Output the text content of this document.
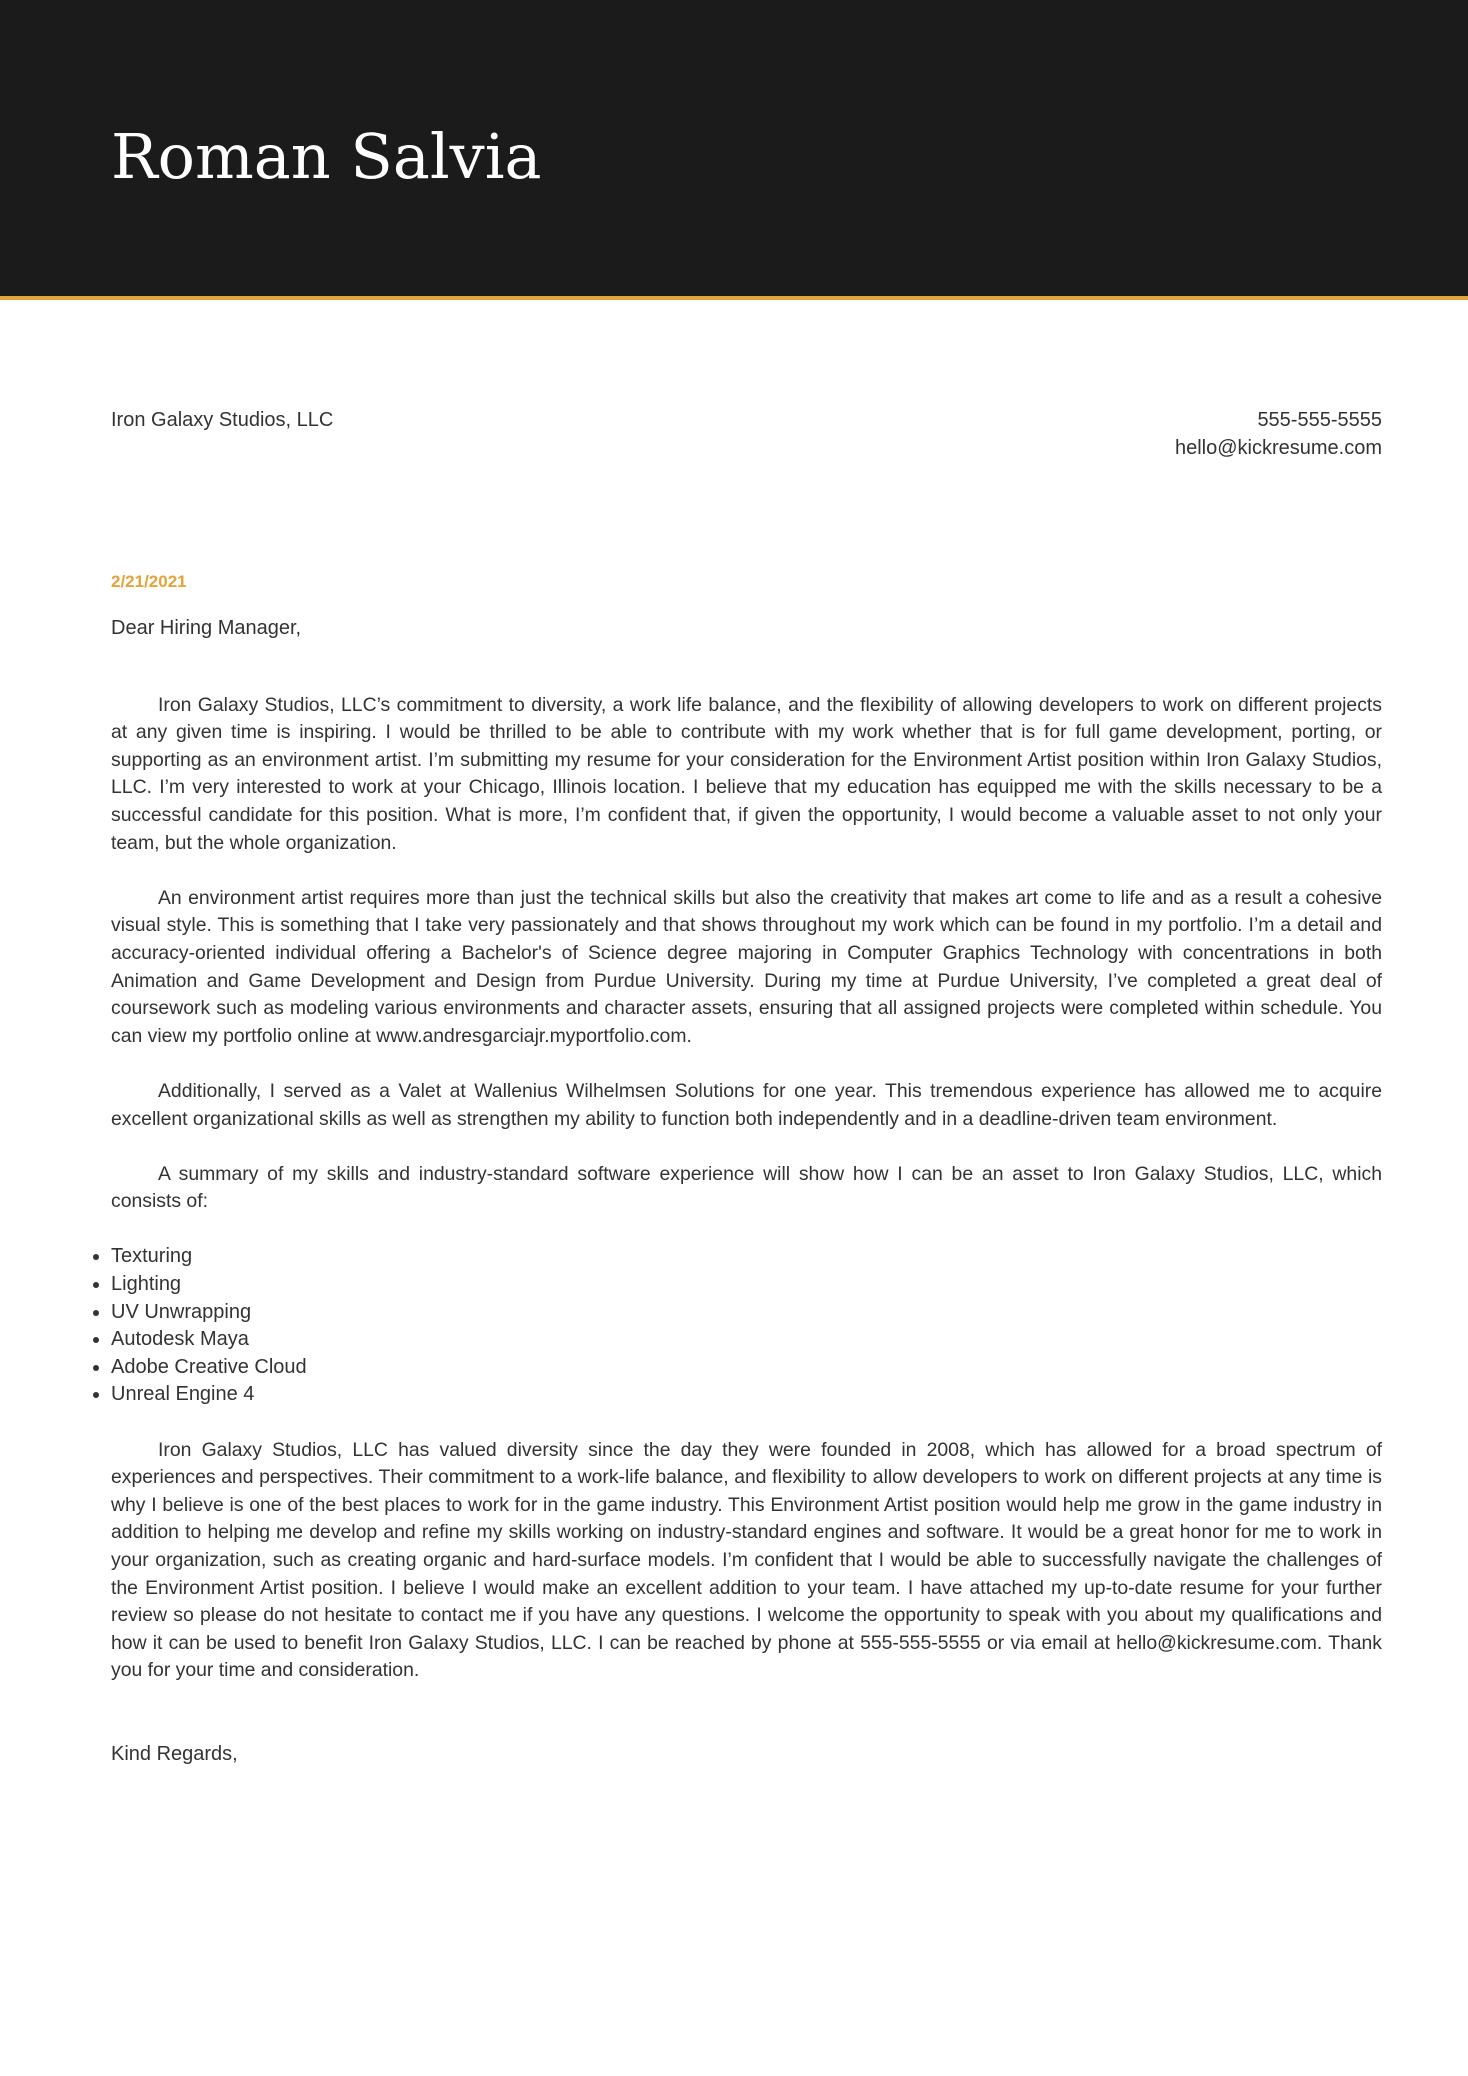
Roman Salvia
Iron Galaxy Studios, LLC	555-555-5555
hello@kickresume.com
2/21/2021
Dear Hiring Manager,

Iron Galaxy Studios, LLC’s commitment to diversity, a work life balance, and the flexibility of allowing developers to work on different projects at any given time is inspiring. I would be thrilled to be able to contribute with my work whether that is for full game development, porting, or supporting as an environment artist. I’m submitting my resume for your consideration for the Environment Artist position within Iron Galaxy Studios, LLC. I’m very interested to work at your Chicago, Illinois location. I believe that my education has equipped me with the skills necessary to be a successful candidate for this position. What is more, I’m confident that, if given the opportunity, I would become a valuable asset to not only your team, but the whole organization.

An environment artist requires more than just the technical skills but also the creativity that makes art come to life and as a result a cohesive visual style. This is something that I take very passionately and that shows throughout my work which can be found in my portfolio. I’m a detail and accuracy-oriented individual offering a Bachelor's of Science degree majoring in Computer Graphics Technology with concentrations in both Animation and Game Development and Design from Purdue University. During my time at Purdue University, I’ve completed a great deal of coursework such as modeling various environments and character assets, ensuring that all assigned projects were completed within schedule. You can view my portfolio online at www.andresgarciajr.myportfolio.com.

Additionally, I served as a Valet at Wallenius Wilhelmsen Solutions for one year. This tremendous experience has allowed me to acquire excellent organizational skills as well as strengthen my ability to function both independently and in a deadline-driven team environment.

A summary of my skills and industry-standard software experience will show how I can be an asset to Iron Galaxy Studios, LLC, which consists of:

• Texturing
• Lighting
• UV Unwrapping
• Autodesk Maya
• Adobe Creative Cloud
• Unreal Engine 4

Iron Galaxy Studios, LLC has valued diversity since the day they were founded in 2008, which has allowed for a broad spectrum of experiences and perspectives. Their commitment to a work-life balance, and flexibility to allow developers to work on different projects at any time is why I believe is one of the best places to work for in the game industry. This Environment Artist position would help me grow in the game industry in addition to helping me develop and refine my skills working on industry-standard engines and software. It would be a great honor for me to work in your organization, such as creating organic and hard-surface models. I’m confident that I would be able to successfully navigate the challenges of the Environment Artist position. I believe I would make an excellent addition to your team. I have attached my up-to-date resume for your further review so please do not hesitate to contact me if you have any questions. I welcome the opportunity to speak with you about my qualifications and how it can be used to benefit Iron Galaxy Studios, LLC. I can be reached by phone at 555-555-5555 or via email at hello@kickresume.com. Thank you for your time and consideration.

Kind Regards,
